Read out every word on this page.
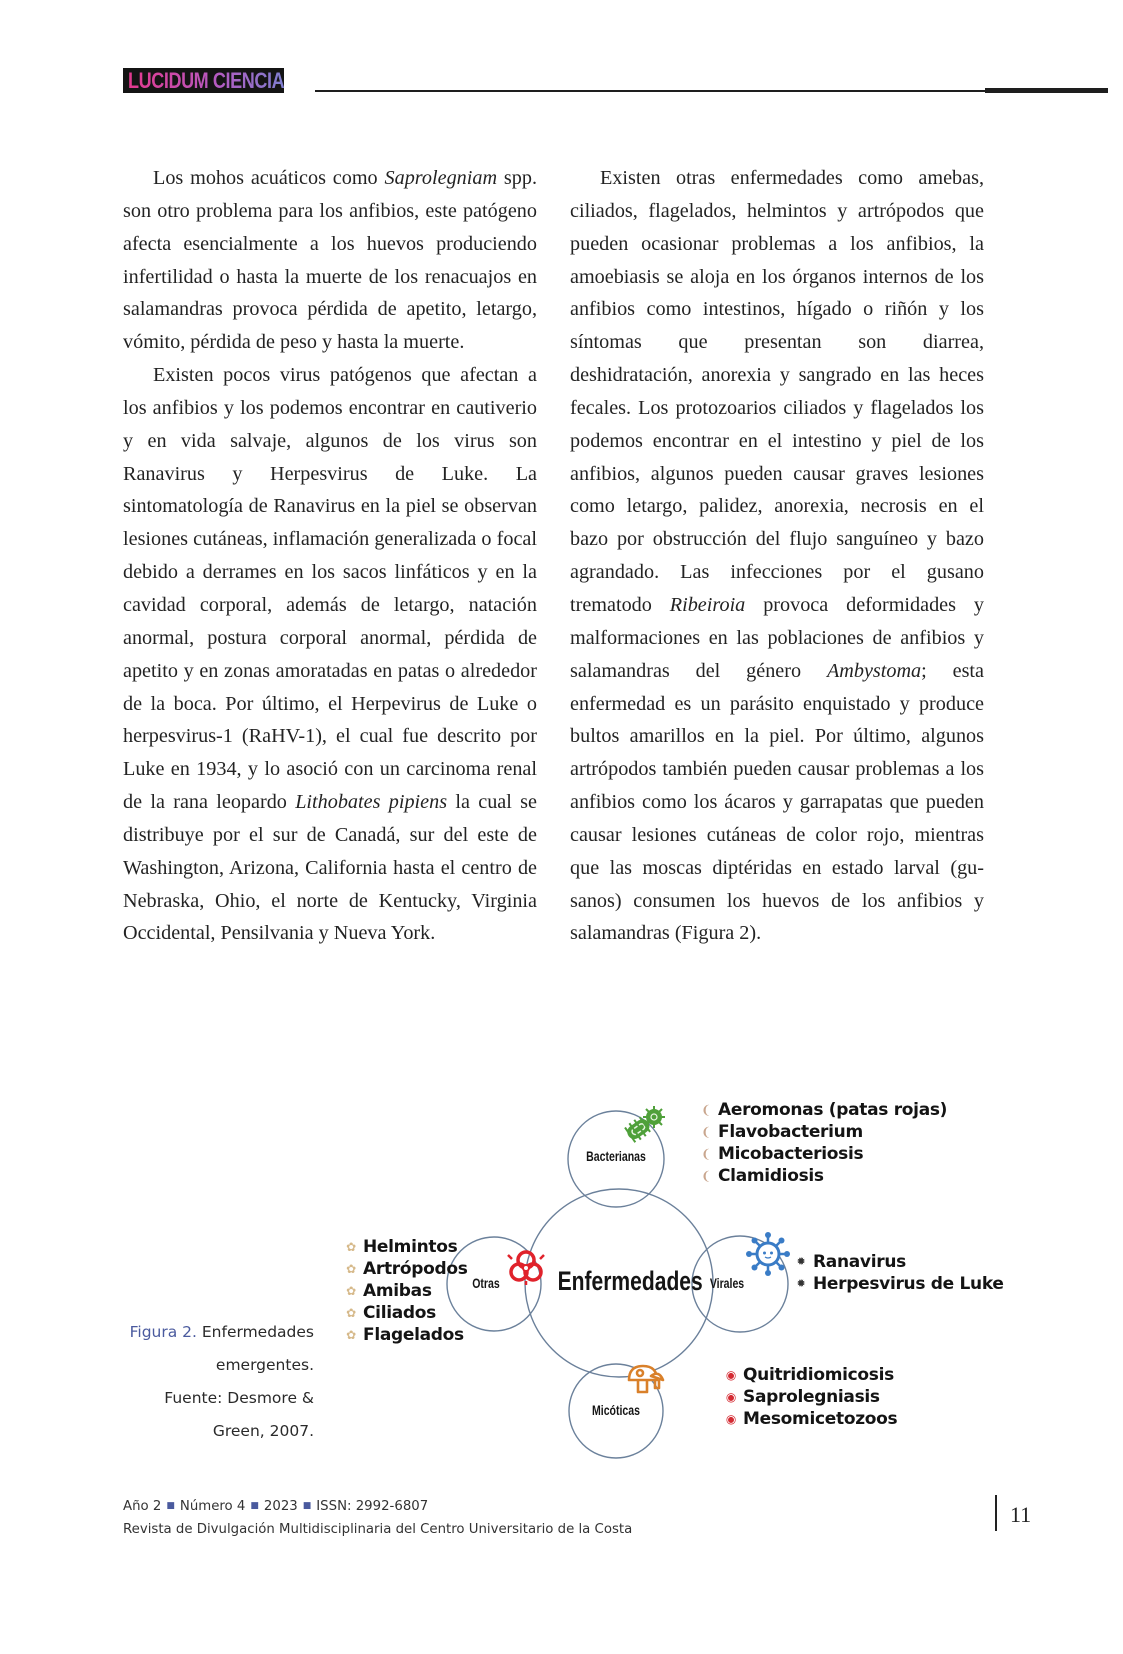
LUCIDUM CIENCIA

Los mohos acuáticos como Saprolegniam spp. son otro problema para los anfibios, este patógeno afecta esencialmente a los huevos produciendo infertilidad o hasta la muerte de los renacuajos en salamandras provoca pérdida de apetito, letargo, vómito, pérdida de peso y hasta la muerte.

Existen pocos virus patógenos que afectan a los anfibios y los podemos encontrar en cautiverio y en vida salvaje, algunos de los virus son Ranavirus y Herpesvirus de Luke. La sintomatología de Ranavirus en la piel se observan lesiones cutáneas, inflamación generalizada o focal debido a derrames en los sacos linfáticos y en la cavidad corporal, además de letargo, natación anormal, postura corporal anormal, pérdida de apetito y en zonas amoratadas en patas o alrededor de la boca. Por último, el Herpevirus de Luke o herpesvirus-1 (RaHV-1), el cual fue descrito por Luke en 1934, y lo asoció con un carcinoma renal de la rana leopardo Lithobates pipiens la cual se distribuye por el sur de Canadá, sur del este de Washington, Arizona, California hasta el centro de Nebraska, Ohio, el norte de Kentucky, Virginia Occidental, Pensilvania y Nueva York.

Existen otras enfermedades como amebas, ciliados, flagelados, helmintos y artrópodos que pueden ocasionar problemas a los anfibios, la amoebiasis se aloja en los órganos internos de los anfibios como intestinos, hígado o riñón y los síntomas que presentan son diarrea, deshidratación, anorexia y sangrado en las heces fecales. Los protozoarios ciliados y flagelados los podemos encontrar en el intestino y piel de los anfibios, algunos pueden causar graves lesiones como letargo, palidez, anorexia, necrosis en el bazo por obstrucción del flujo sanguíneo y bazo agrandado. Las infecciones por el gusano trematodo Ribeiroia provoca deformidades y malformaciones en las poblaciones de anfibios y salamandras del género Ambystoma; esta enfermedad es un parásito enquistado y produce bultos amarillos en la piel. Por último, algunos artrópodos también pueden causar problemas a los anfibios como los ácaros y garrapatas que pueden causar lesiones cutáneas de color rojo, mientras que las moscas diptéridas en estado larval (gusanos) consumen los huevos de los anfibios y salamandras (Figura 2).

Figura 2. Enfermedades emergentes.
Fuente: Desmore & Green, 2007.
Enfermedades
Bacterianas
Otras	Virales
Micóticas
❨ Aeromonas (patas rojas)
❨ Flavobacterium
❨ Micobacteriosis
❨ Clamidiosis
✹ Ranavirus
✹ Herpesvirus de Luke
◉ Quitridiomicosis
◉ Saprolegniasis
◉ Mesomicetozoos
✿ Helmintos
✿ Artrópodos
✿ Amibas
✿ Ciliados
✿ Flagelados
Año 2 ■ Número 4 ■ 2023 ■ ISSN: 2992-6807
Revista de Divulgación Multidisciplinaria del Centro Universitario de la Costa
11
